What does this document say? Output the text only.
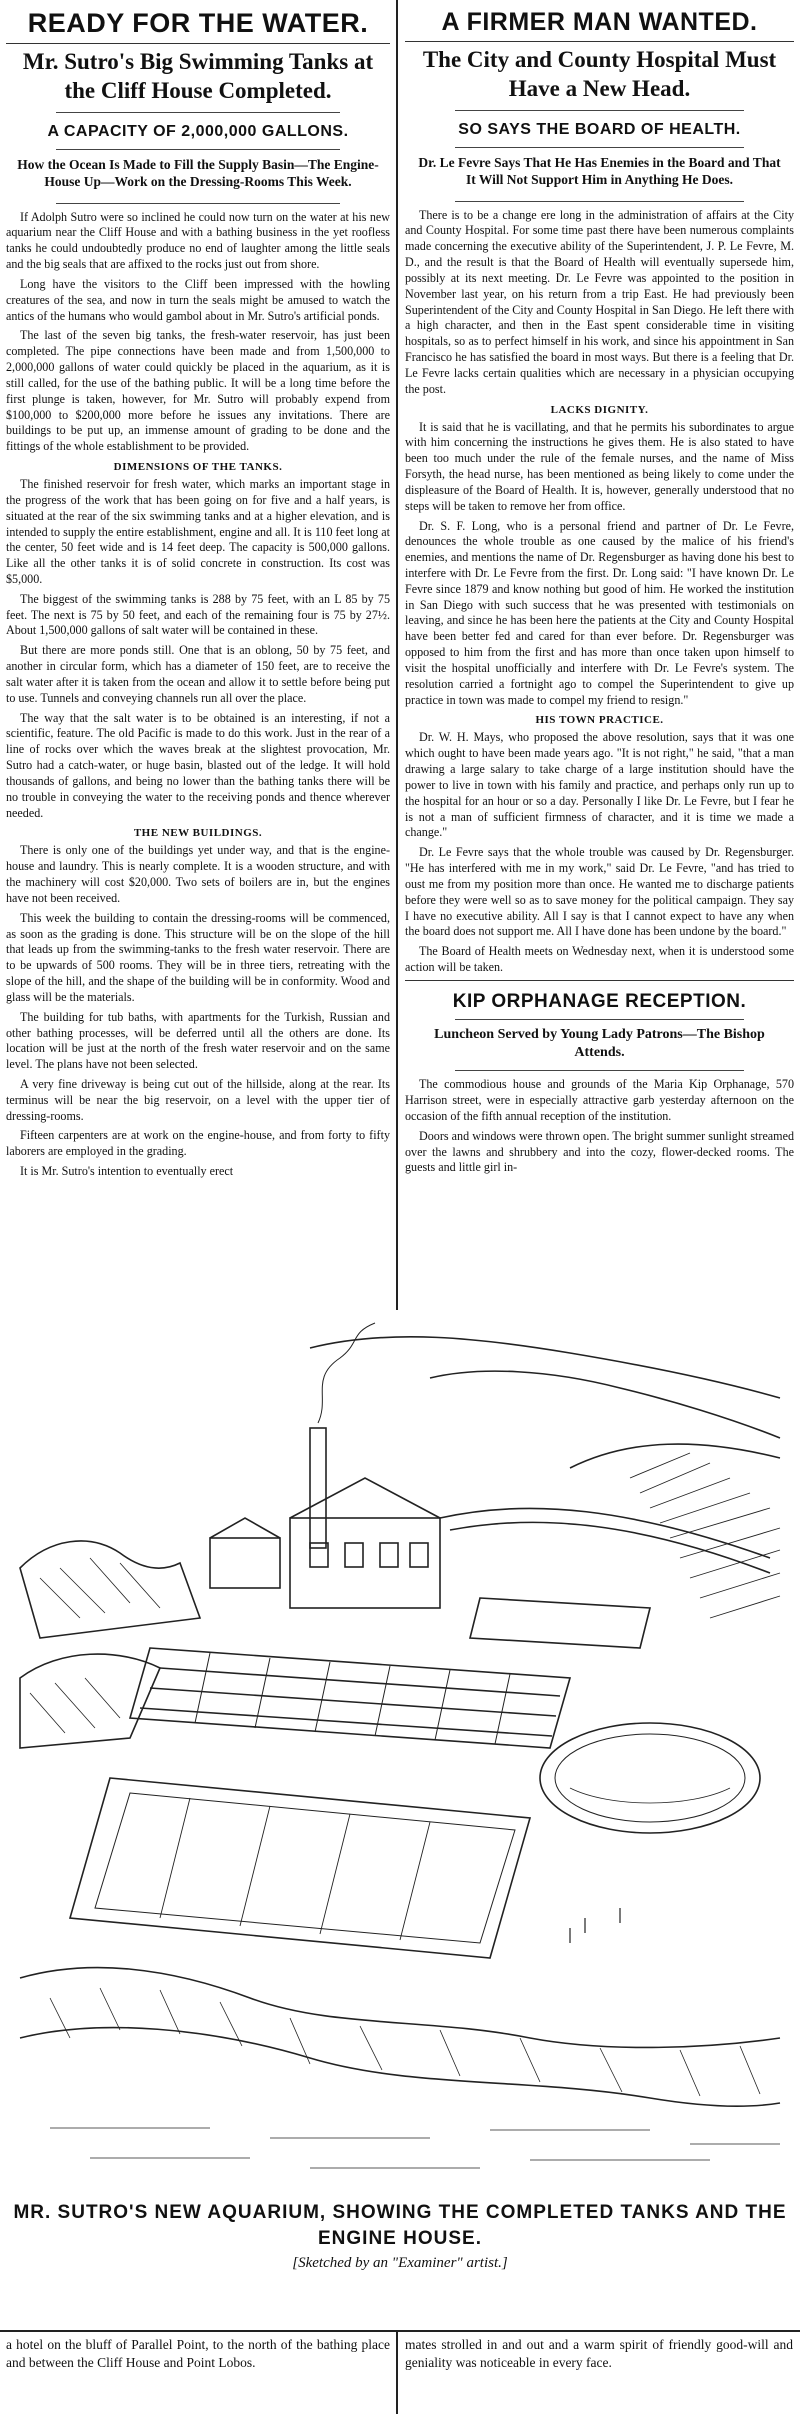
READY FOR THE WATER.
Mr. Sutro's Big Swimming Tanks at the Cliff House Completed.
A CAPACITY OF 2,000,000 GALLONS.
How the Ocean Is Made to Fill the Supply Basin—The Engine-House Up—Work on the Dressing-Rooms This Week.

If Adolph Sutro were so inclined he could now turn on the water at his new aquarium near the Cliff House and with a bathing business in the yet roofless tanks he could undoubtedly produce no end of laughter among the little seals and the big seals that are affixed to the rocks just out from shore.

Long have the visitors to the Cliff been impressed with the howling creatures of the sea, and now in turn the seals might be amused to watch the antics of the humans who would gambol about in Mr. Sutro's artificial ponds.

The last of the seven big tanks, the fresh-water reservoir, has just been completed. The pipe connections have been made and from 1,500,000 to 2,000,000 gallons of water could quickly be placed in the aquarium, as it is still called, for the use of the bathing public. It will be a long time before the first plunge is taken, however, for Mr. Sutro will probably expend from $100,000 to $200,000 more before he issues any invitations. There are buildings to be put up, an immense amount of grading to be done and the fittings of the whole establishment to be provided.

DIMENSIONS OF THE TANKS.

The finished reservoir for fresh water, which marks an important stage in the progress of the work that has been going on for five and a half years, is situated at the rear of the six swimming tanks and at a higher elevation, and is intended to supply the entire establishment, engine and all. It is 110 feet long at the center, 50 feet wide and is 14 feet deep. The capacity is 500,000 gallons. Like all the other tanks it is of solid concrete in construction. Its cost was $5,000.

The biggest of the swimming tanks is 288 by 75 feet, with an L 85 by 75 feet. The next is 75 by 50 feet, and each of the remaining four is 75 by 27½. About 1,500,000 gallons of salt water will be contained in these.

But there are more ponds still. One that is an oblong, 50 by 75 feet, and another in circular form, which has a diameter of 150 feet, are to receive the salt water after it is taken from the ocean and allow it to settle before being put to use. Tunnels and conveying channels run all over the place.

The way that the salt water is to be obtained is an interesting, if not a scientific, feature. The old Pacific is made to do this work. Just in the rear of a line of rocks over which the waves break at the slightest provocation, Mr. Sutro had a catch-water, or huge basin, blasted out of the ledge. It will hold thousands of gallons, and being no lower than the bathing tanks there will be no trouble in conveying the water to the receiving ponds and thence wherever needed.

THE NEW BUILDINGS.

There is only one of the buildings yet under way, and that is the engine-house and laundry. This is nearly complete. It is a wooden structure, and with the machinery will cost $20,000. Two sets of boilers are in, but the engines have not been received.

This week the building to contain the dressing-rooms will be commenced, as soon as the grading is done. This structure will be on the slope of the hill that leads up from the swimming-tanks to the fresh water reservoir. There are to be upwards of 500 rooms. They will be in three tiers, retreating with the slope of the hill, and the shape of the building will be in conformity. Wood and glass will be the materials.

The building for tub baths, with apartments for the Turkish, Russian and other bathing processes, will be deferred until all the others are done. Its location will be just at the north of the fresh water reservoir and on the same level. The plans have not been selected.

A very fine driveway is being cut out of the hillside, along at the rear. Its terminus will be near the big reservoir, on a level with the upper tier of dressing-rooms.

Fifteen carpenters are at work on the engine-house, and from forty to fifty laborers are employed in the grading.

It is Mr. Sutro's intention to eventually erect

A FIRMER MAN WANTED.
The City and County Hospital Must Have a New Head.
SO SAYS THE BOARD OF HEALTH.
Dr. Le Fevre Says That He Has Enemies in the Board and That It Will Not Support Him in Anything He Does.

There is to be a change ere long in the administration of affairs at the City and County Hospital. For some time past there have been numerous complaints made concerning the executive ability of the Superintendent, J. P. Le Fevre, M. D., and the result is that the Board of Health will eventually supersede him, possibly at its next meeting. Dr. Le Fevre was appointed to the position in November last year, on his return from a trip East. He had previously been Superintendent of the City and County Hospital in San Diego. He left there with a high character, and then in the East spent considerable time in visiting hospitals, so as to perfect himself in his work, and since his appointment in San Francisco he has satisfied the board in most ways. But there is a feeling that Dr. Le Fevre lacks certain qualities which are necessary in a physician occupying the post.

LACKS DIGNITY.

It is said that he is vacillating, and that he permits his subordinates to argue with him concerning the instructions he gives them. He is also stated to have been too much under the rule of the female nurses, and the name of Miss Forsyth, the head nurse, has been mentioned as being likely to come under the displeasure of the Board of Health. It is, however, generally understood that no steps will be taken to remove her from office.

Dr. S. F. Long, who is a personal friend and partner of Dr. Le Fevre, denounces the whole trouble as one caused by the malice of his friend's enemies, and mentions the name of Dr. Regensburger as having done his best to interfere with Dr. Le Fevre from the first. Dr. Long said: "I have known Dr. Le Fevre since 1879 and know nothing but good of him. He worked the institution in San Diego with such success that he was presented with testimonials on leaving, and since he has been here the patients at the City and County Hospital have been better fed and cared for than ever before. Dr. Regensburger was opposed to him from the first and has more than once taken upon himself to visit the hospital unofficially and interfere with Dr. Le Fevre's system. The resolution carried a fortnight ago to compel the Superintendent to give up practice in town was made to compel my friend to resign."

HIS TOWN PRACTICE.

Dr. W. H. Mays, who proposed the above resolution, says that it was one which ought to have been made years ago. "It is not right," he said, "that a man drawing a large salary to take charge of a large institution should have the power to live in town with his family and practice, and perhaps only run up to the hospital for an hour or so a day. Personally I like Dr. Le Fevre, but I fear he is not a man of sufficient firmness of character, and it is time we made a change."

Dr. Le Fevre says that the whole trouble was caused by Dr. Regensburger. "He has interfered with me in my work," said Dr. Le Fevre, "and has tried to oust me from my position more than once. He wanted me to discharge patients before they were well so as to save money for the political campaign. They say I have no executive ability. All I say is that I cannot expect to have any when the board does not support me. All I have done has been undone by the board."

The Board of Health meets on Wednesday next, when it is understood some action will be taken.

KIP ORPHANAGE RECEPTION.
Luncheon Served by Young Lady Patrons—The Bishop Attends.

The commodious house and grounds of the Maria Kip Orphanage, 570 Harrison street, were in especially attractive garb yesterday afternoon on the occasion of the fifth annual reception of the institution.

Doors and windows were thrown open. The bright summer sunlight streamed over the lawns and shrubbery and into the cozy, flower-decked rooms. The guests and little girl in-

MR. SUTRO'S NEW AQUARIUM, SHOWING THE COMPLETED TANKS AND THE ENGINE HOUSE.
[Sketched by an "Examiner" artist.]

a hotel on the bluff of Parallel Point, to the north of the bathing place and between the Cliff House and Point Lobos.

mates strolled in and out and a warm spirit of friendly good-will and geniality was noticeable in every face.
